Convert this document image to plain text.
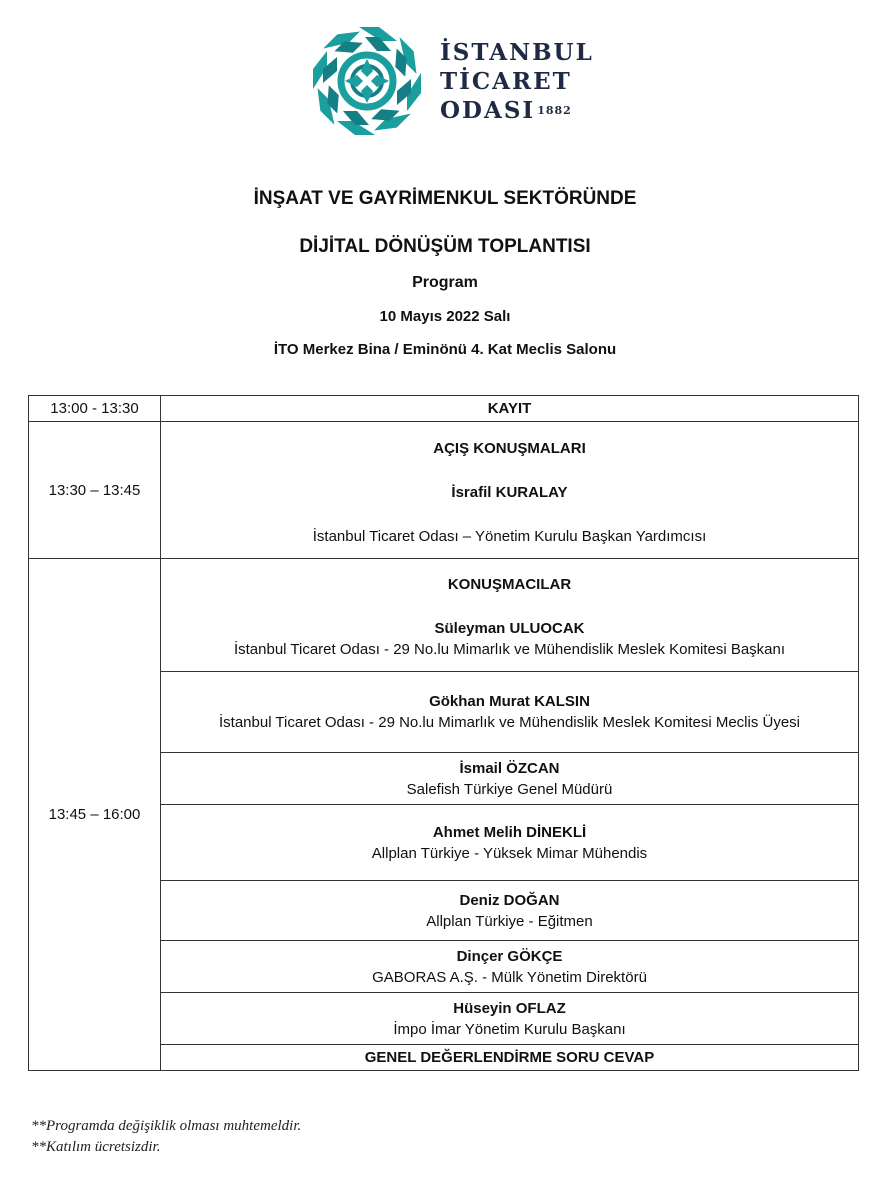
İSTANBUL
TİCARET
ODASI $^{1882}$
İNŞAAT VE GAYRİMENKUL SEKTÖRÜNDE
DİJİTAL DÖNÜŞÜM TOPLANTISI
Program
10 Mayıs 2022 Salı
İTO Merkez Bina / Eminönü 4. Kat Meclis Salonu
13:00 - 13:30	KAYIT
13:30 – 13:45	AÇIŞ KONUŞMALARI
İsrafil KURALAY
İstanbul Ticaret Odası – Yönetim Kurulu Başkan Yardımcısı

13:45 – 16:00	KONUŞMACILAR
Süleyman ULUOCAK
İstanbul Ticaret Odası - 29 No.lu Mimarlık ve Mühendislik Meslek Komitesi Başkanı

	Gökhan Murat KALSIN
İstanbul Ticaret Odası - 29 No.lu Mimarlık ve Mühendislik Meslek Komitesi Meclis Üyesi

	İsmail ÖZCAN
Salefish Türkiye Genel Müdürü

	Ahmet Melih DİNEKLİ
Allplan Türkiye - Yüksek Mimar Mühendis

	Deniz DOĞAN
Allplan Türkiye - Eğitmen

	Dinçer GÖKÇE
GABORAS A.Ş. - Mülk Yönetim Direktörü

	Hüseyin OFLAZ
İmpo İmar Yönetim Kurulu Başkanı

	GENEL DEĞERLENDİRME SORU CEVAP
**Programda değişiklik olması muhtemeldir.
**Katılım ücretsizdir.
